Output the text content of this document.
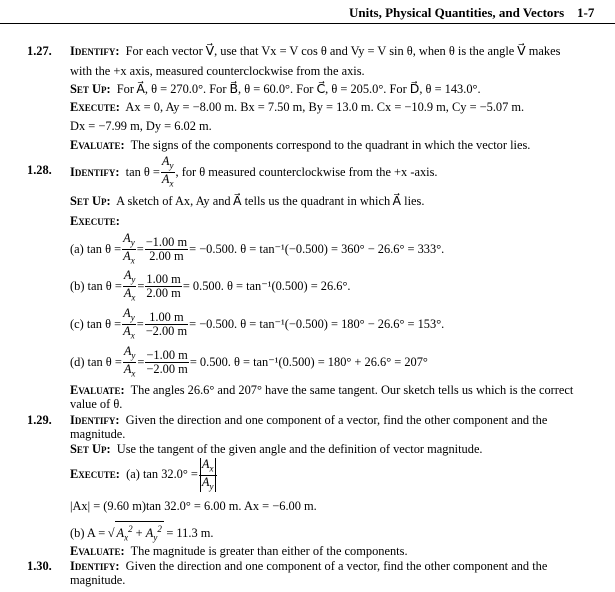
Units, Physical Quantities, and Vectors 1-7
1.27. Identify: For each vector V⃗, use that Vx = V cos θ and Vy = V sin θ, when θ is the angle V⃗ makes
with the +x axis, measured counterclockwise from the axis.
Set Up: For A⃗, θ = 270.0°. For B⃗, θ = 60.0°. For C⃗, θ = 205.0°. For D⃗, θ = 143.0°.
Execute: Ax = 0, Ay = −8.00 m. Bx = 7.50 m, By = 13.0 m. Cx = −10.9 m, Cy = −5.07 m.
Dx = −7.99 m, Dy = 6.02 m.
Evaluate: The signs of the components correspond to the quadrant in which the vector lies.
1.28. Identify: $\tan \theta = \frac{A_y}{A_x}$ , for θ measured counterclockwise from the +x -axis.
Set Up: A sketch of Ax, Ay and A⃗ tells us the quadrant in which A⃗ lies.
Execute:
(a) $\tan \theta = \frac{A_y}{A_x} = \frac{-1.00 m}{2.00 m} = -0.500$. θ = tan⁻¹(−0.500) = 360° − 26.6° = 333°.
(b) $\tan \theta = \frac{A_y}{A_x} = \frac{1.00 m}{2.00 m} = 0.500$. θ = tan⁻¹(0.500) = 26.6°.
(c) $\tan \theta = \frac{A_y}{A_x} = \frac{1.00 m}{-2.00 m} = -0.500$. θ = tan⁻¹(−0.500) = 180° − 26.6° = 153°.
(d) $\tan \theta = \frac{A_y}{A_x} = \frac{-1.00 m}{-2.00 m} = 0.500$. θ = tan⁻¹(0.500) = 180° + 26.6° = 207°
Evaluate: The angles 26.6° and 207° have the same tangent. Our sketch tells us which is the correct
value of θ.
1.29. Identify: Given the direction and one component of a vector, find the other component and the
magnitude.
Set Up: Use the tangent of the given angle and the definition of vector magnitude.
Execute: (a) $\tan 32.0^\circ = \frac{A_x}{A_y}$
|Ax| = (9.60 m)tan 32.0° = 6.00 m. Ax = −6.00 m.
(b) A = √ $A_x^2 + A_y^2 = 11.3$ m.
Evaluate: The magnitude is greater than either of the components.
1.30. Identify: Given the direction and one component of a vector, find the other component and the
magnitude.
